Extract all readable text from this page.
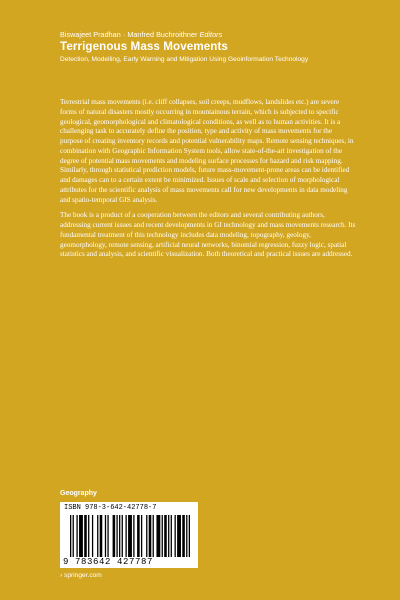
Biswajeet Pradhan · Manfred Buchroithner Editors
Terrigenous Mass Movements
Detection, Modelling, Early Warning and Mitigation Using Geoinformation Technology

Terrestrial mass movements (i.e. cliff collapses, soil creeps, mudflows, landslides etc.) are severe forms of natural disasters mostly occurring in mountainous terrain, which is subjected to specific geological, geomorphological and climatological conditions, as well as to human activities. It is a challenging task to accurately define the position, type and activity of mass movements for the purpose of creating inventory records and potential vulnerability maps. Remote sensing techniques, in combination with Geographic Information System tools, allow state-of-the-art investigation of the degree of potential mass movements and modeling surface processes for hazard and risk mapping. Similarly, through statistical prediction models, future mass-movement-prone areas can be identified and damages can to a certain extent be minimized. Issues of scale and selection of morphological attributes for the scientific analysis of mass movements call for new developments in data modeling and spatio-temporal GIS analysis.

The book is a product of a cooperation between the editors and several contributing authors, addressing current issues and recent developments in GI technology and mass movements research. Its fundamental treatment of this technology includes data modeling, topography, geology, geomorphology, remote sensing, artificial neural networks, binomial regression, fuzzy logic, spatial statistics and analysis, and scientific visualization. Both theoretical and practical issues are addressed.

Geography
ISBN 978-3-642-42778-7
9 783642 427787
› springer.com
